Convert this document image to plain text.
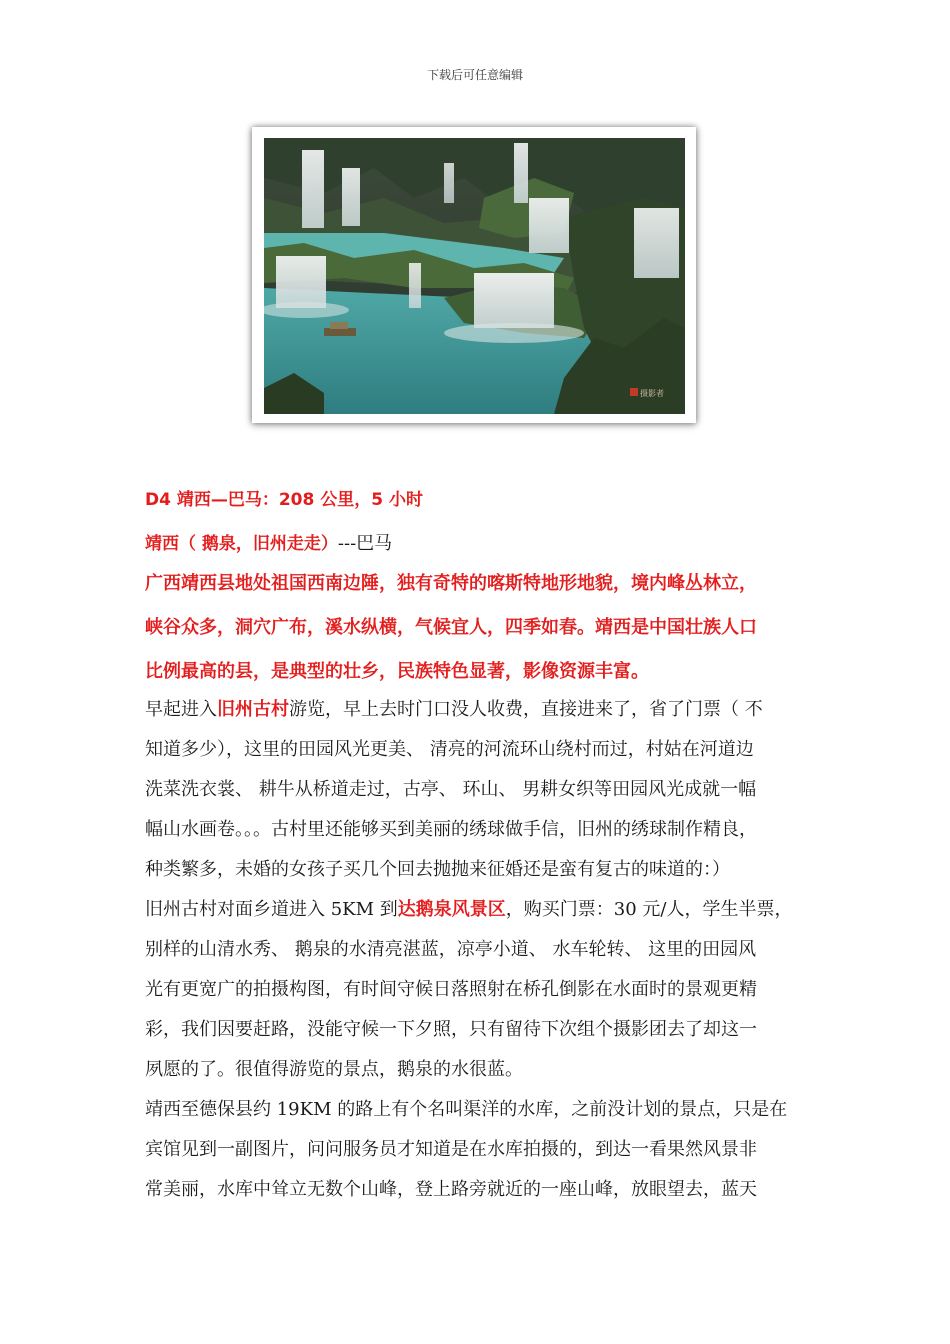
下载后可任意编辑
摄影者

D4 靖西—巴马：208 公里，5 小时

靖西（ 鹅泉，旧州走走）---巴马

广西靖西县地处祖国西南边陲，独有奇特的喀斯特地形地貌，境内峰丛林立，

峡谷众多，洞穴广布，溪水纵横，气候宜人，四季如春。靖西是中国壮族人口

比例最高的县，是典型的壮乡，民族特色显著，影像资源丰富。

早起进入旧州古村游览，早上去时门口没人收费，直接进来了，省了门票（ 不

知道多少），这里的田园风光更美、 清亮的河流环山绕村而过，村姑在河道边

洗菜洗衣裳、 耕牛从桥道走过，古亭、 环山、 男耕女织等田园风光成就一幅

幅山水画卷。。。古村里还能够买到美丽的绣球做手信，旧州的绣球制作精良，

种类繁多，未婚的女孩子买几个回去抛抛来征婚还是蛮有复古的味道的：）

旧州古村对面乡道进入 5KM 到达鹅泉风景区，购买门票：30 元/人，学生半票，

别样的山清水秀、 鹅泉的水清亮湛蓝，凉亭小道、 水车轮转、 这里的田园风

光有更宽广的拍摄构图，有时间守候日落照射在桥孔倒影在水面时的景观更精

彩，我们因要赶路，没能守候一下夕照，只有留待下次组个摄影团去了却这一

夙愿的了。很值得游览的景点，鹅泉的水很蓝。

靖西至德保县约 19KM 的路上有个名叫渠洋的水库，之前没计划的景点，只是在

宾馆见到一副图片，问问服务员才知道是在水库拍摄的，到达一看果然风景非

常美丽，水库中耸立无数个山峰，登上路旁就近的一座山峰，放眼望去，蓝天
